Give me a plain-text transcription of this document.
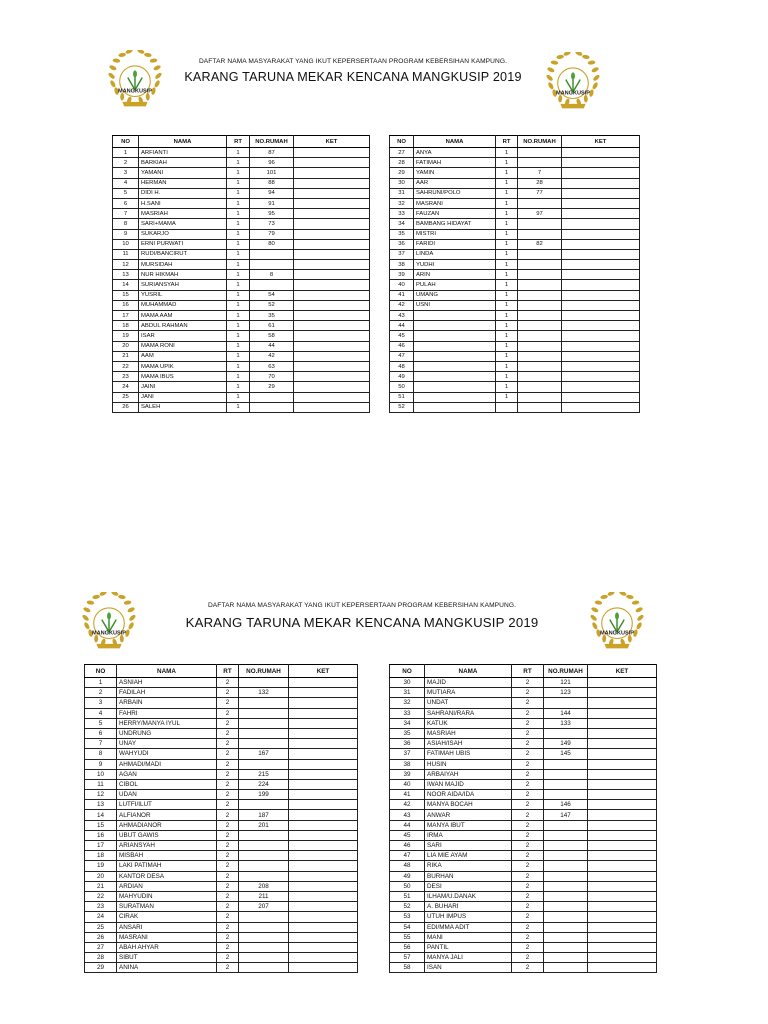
MANGKUSIP
DAFTAR NAMA MASYARAKAT YANG IKUT KEPERSERTAAN PROGRAM KEBERSIHAN KAMPUNG.
KARANG TARUNA MEKAR KENCANA MANGKUSIP 2019
MANGKUSIP
NO	NAMA	RT	NO.RUMAH	KET
1	ARFIANTI	1	87	
2	BARKIAH	1	96	
3	YAMANI	1	101	
4	HERMAN	1	88	
5	DIDI H.	1	94	
6	H.SANI	1	91	
7	MASRIAH	1	95	
8	SARI+MAMA	1	73	
9	SUKARJO	1	79	
10	ERNI PURWATI	1	80	
11	RUDI/BANCIRUT	1		
12	MURSIDAH	1		
13	NUR HIKMAH	1	8	
14	SURIANSYAH	1		
15	YUSRIL	1	54	
16	MUHAMMAD	1	52	
17	MAMA AAM	1	35	
18	ABDUL RAHMAN	1	61	
19	ISAR	1	58	
20	MAMA RONI	1	44	
21	AAM	1	42	
22	MAMA UPIK	1	63	
23	MAMA IBUS	1	70	
24	JAINI	1	29	
25	JANI	1		
26	SALEH	1		
NO	NAMA	RT	NO.RUMAH	KET
27	ANYA	1		
28	FATIMAH	1		
29	YAMIN	1	7	
30	AAR	1	28	
31	SAHRUNI/POLO	1	77	
32	MASRANI	1		
33	FAUZAN	1	97	
34	BAMBANG HIDAYAT	1		
35	MISTRI	1		
36	FARIDI	1	82	
37	LINDA	1		
38	YUDHI	1		
39	ARIN	1		
40	PULAH	1		
41	UMANG	1		
42	USNI	1		
43		1		
44		1		
45		1		
46		1		
47		1		
48		1		
49		1		
50		1		
51		1		
52				
MANGKUSIP
DAFTAR NAMA MASYARAKAT YANG IKUT KEPERSERTAAN PROGRAM KEBERSIHAN KAMPUNG.
KARANG TARUNA MEKAR KENCANA MANGKUSIP 2019
MANGKUSIP
NO	NAMA	RT	NO.RUMAH	KET
1	ASNIAH	2		
2	FADILAH	2	132	
3	ARBAIN	2		
4	FAHRI	2		
5	HERRY/MANYA IYUL	2		
6	UNDRUNG	2		
7	UNAY	2		
8	WAHYUDI	2	167	
9	AHMADI/MADI	2		
10	AGAN	2	215	
11	CIBOL	2	224	
12	UDAN	2	199	
13	LUTFI/ILUT	2		
14	ALFIANOR	2	187	
15	AHMADIANOR	2	201	
16	UBUT GAWIS	2		
17	ARIANSYAH	2		
18	MISBAH	2		
19	LAKI PATIMAH	2		
20	KANTOR DESA	2		
21	ARDIAN	2	208	
22	MAHYUDIN	2	211	
23	SURATMAN	2	207	
24	CIRAK	2		
25	ANSARI	2		
26	MASRANI	2		
27	ABAH AHYAR	2		
28	SIBUT	2		
29	ANINA	2		
NO	NAMA	RT	NO.RUMAH	KET
30	MAJID	2	121	
31	MUTIARA	2	123	
32	UNDAT	2		
33	SAHRANI/RARA	2	144	
34	KATUK	2	133	
35	MASRIAH	2		
36	ASIAH/ISAH	2	149	
37	FATIMAH UBIS	2	145	
38	HUSIN	2		
39	ARBAIYAH	2		
40	IWAN MAJID	2		
41	NOOR AIDA/IDA	2		
42	MANYA BOCAH	2	146	
43	ANWAR	2	147	
44	MANYA IBUT	2		
45	IRMA	2		
46	SARI	2		
47	LIA MIE AYAM	2		
48	RIKA	2		
49	BURHAN	2		
50	DESI	2		
51	ILHAM/U.DANAK	2		
52	A. BUHARI	2		
53	UTUH IMPUS	2		
54	EDI/MMA ADIT	2		
55	MANI	2		
56	PANTIL	2		
57	MANYA JALI	2		
58	ISAN	2		
